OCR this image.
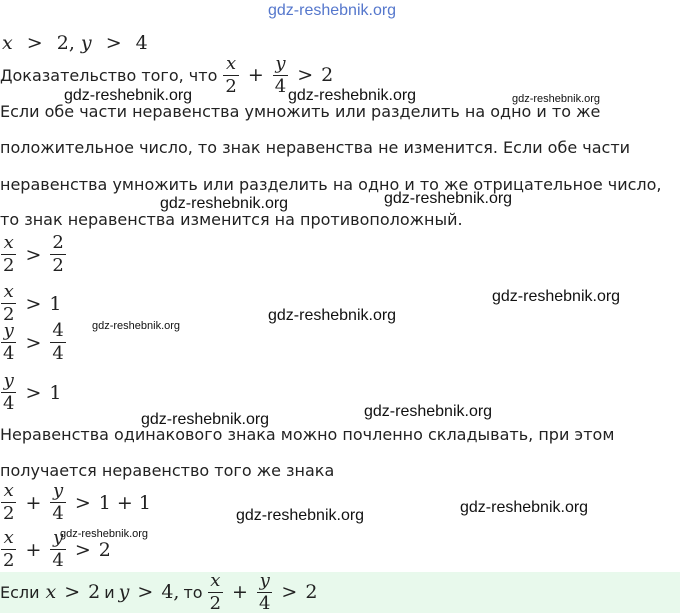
gdz-reshebnik.org
x > 2, y > 4
Доказательство того, что $\frac{x}{2} + \frac{y}{4} > 2$
Если обе части неравенства умножить или разделить на одно и то же
положительное число, то знак неравенства не изменится. Если обе части
неравенства умножить или разделить на одно и то же отрицательное число,
то знак неравенства изменится на противоположный.
$\frac{x}{2} > \frac{2}{2}$
$\frac{x}{2} > 1$
$\frac{y}{4} > \frac{4}{4}$
$\frac{y}{4} > 1$
Неравенства одинакового знака можно почленно складывать, при этом
получается неравенство того же знака
$\frac{x}{2} + \frac{y}{4} > 1 + 1$
$\frac{x}{2} + \frac{y}{4} > 2$
Если x > 2 и y > 4, то $\frac{x}{2} + \frac{y}{4} > 2$
gdz-reshebnik.org	gdz-reshebnik.org	gdz-reshebnik.org
gdz-reshebnik.org	gdz-reshebnik.org
gdz-reshebnik.org
gdz-reshebnik.org
gdz-reshebnik.org
gdz-reshebnik.org	gdz-reshebnik.org
gdz-reshebnik.org
gdz-reshebnik.org
gdz-reshebnik.org
